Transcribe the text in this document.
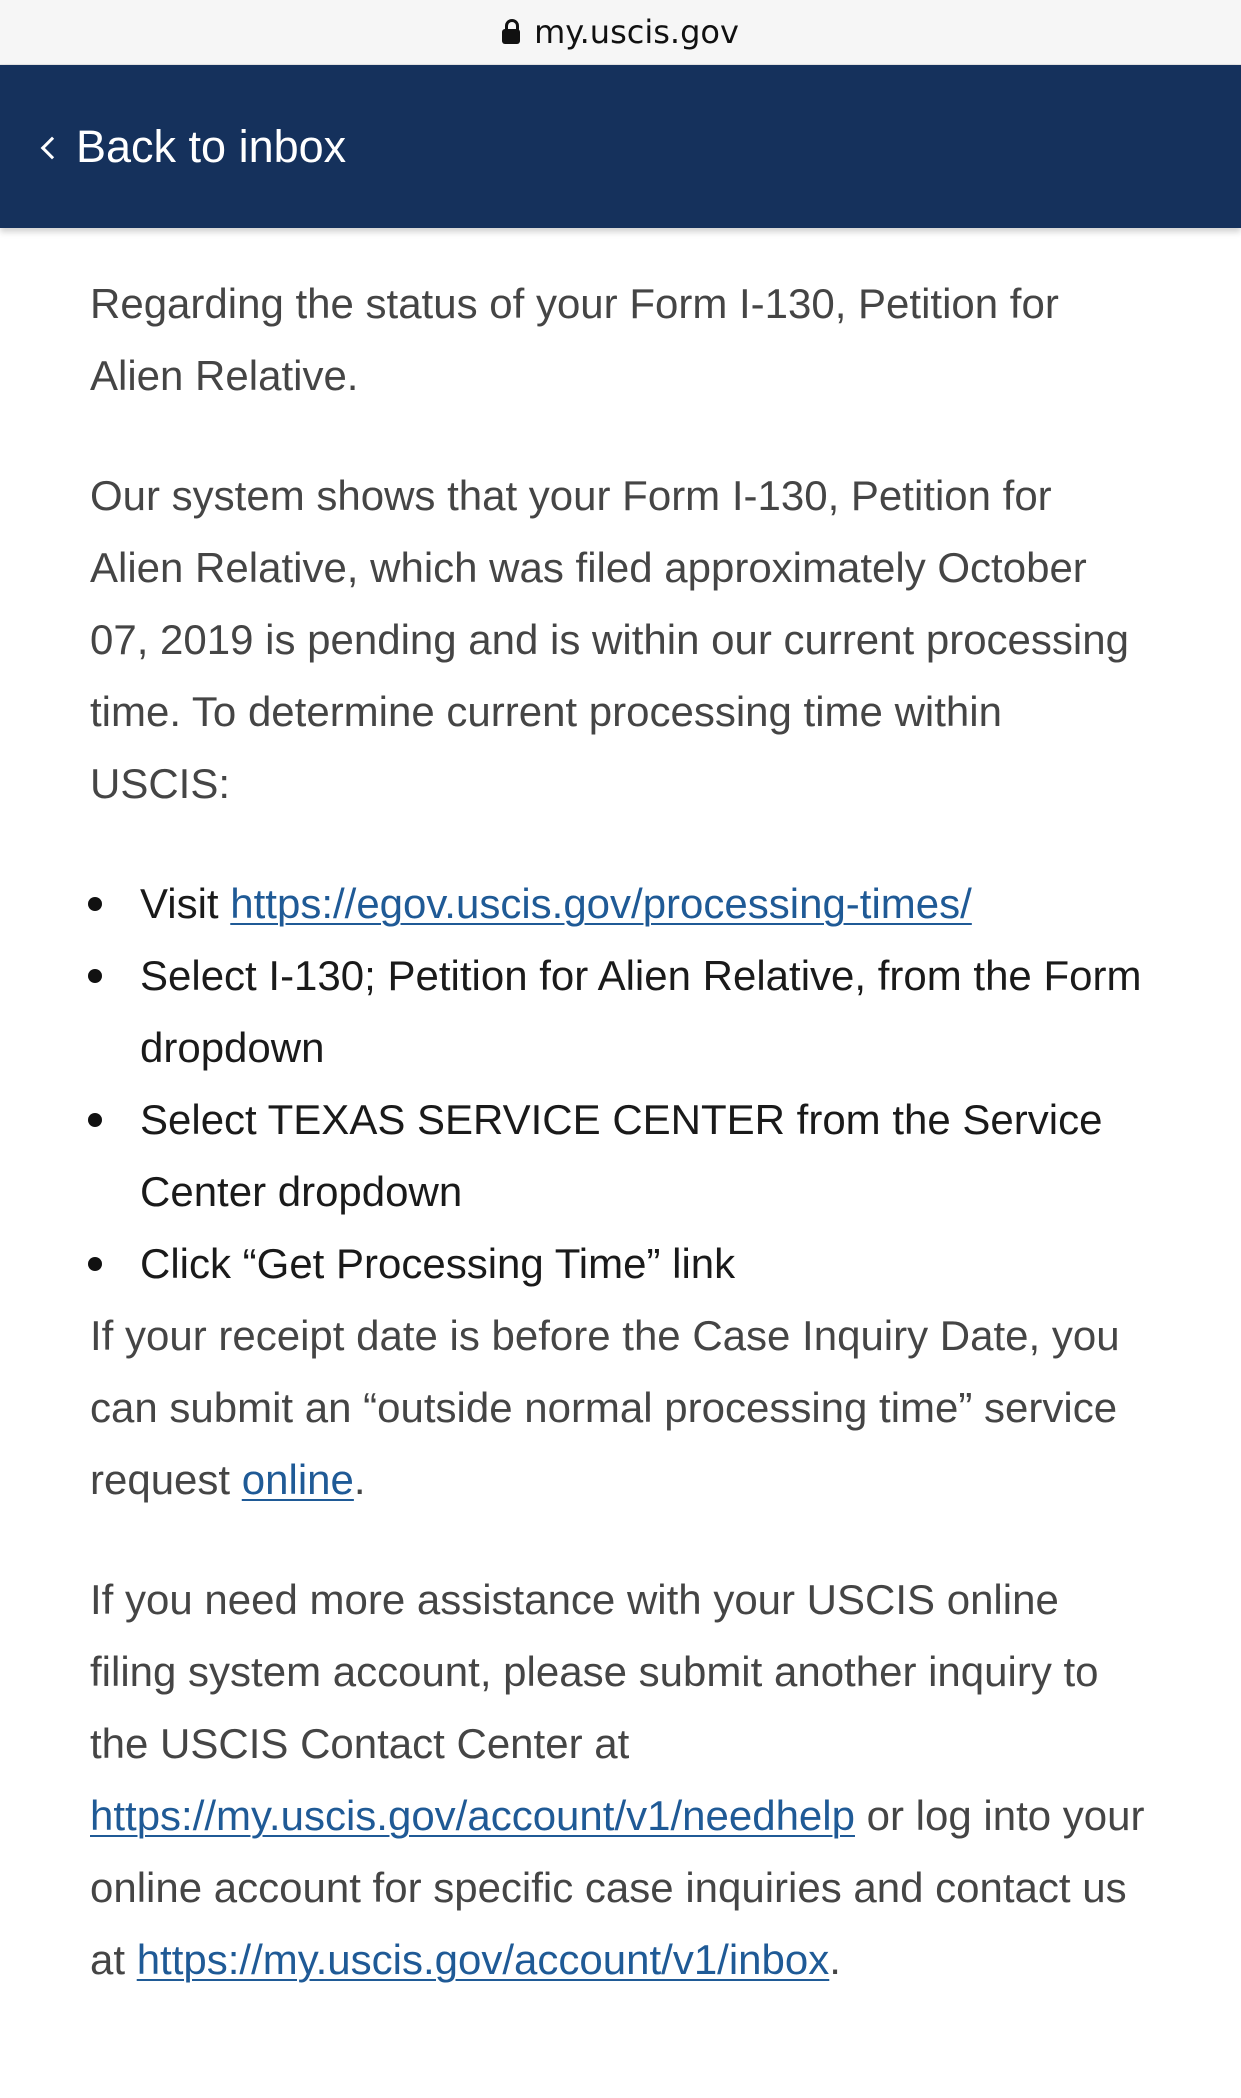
my.uscis.gov
Back to inbox

Regarding the status of your Form I-130, Petition for Alien Relative.

Our system shows that your Form I-130, Petition for Alien Relative, which was filed approximately October 07, 2019 is pending and is within our current processing time. To determine current processing time within USCIS:

Visit https://egov.uscis.gov/processing-times/
Select I-130; Petition for Alien Relative, from the Form dropdown
Select TEXAS SERVICE CENTER from the Service Center dropdown
Click “Get Processing Time” link

If your receipt date is before the Case Inquiry Date, you can submit an “outside normal processing time” service request online.

If you need more assistance with your USCIS online filing system account, please submit another inquiry to the USCIS Contact Center at https://my.uscis.gov/account/v1/needhelp or log into your online account for specific case inquiries and contact us at https://my.uscis.gov/account/v1/inbox.
